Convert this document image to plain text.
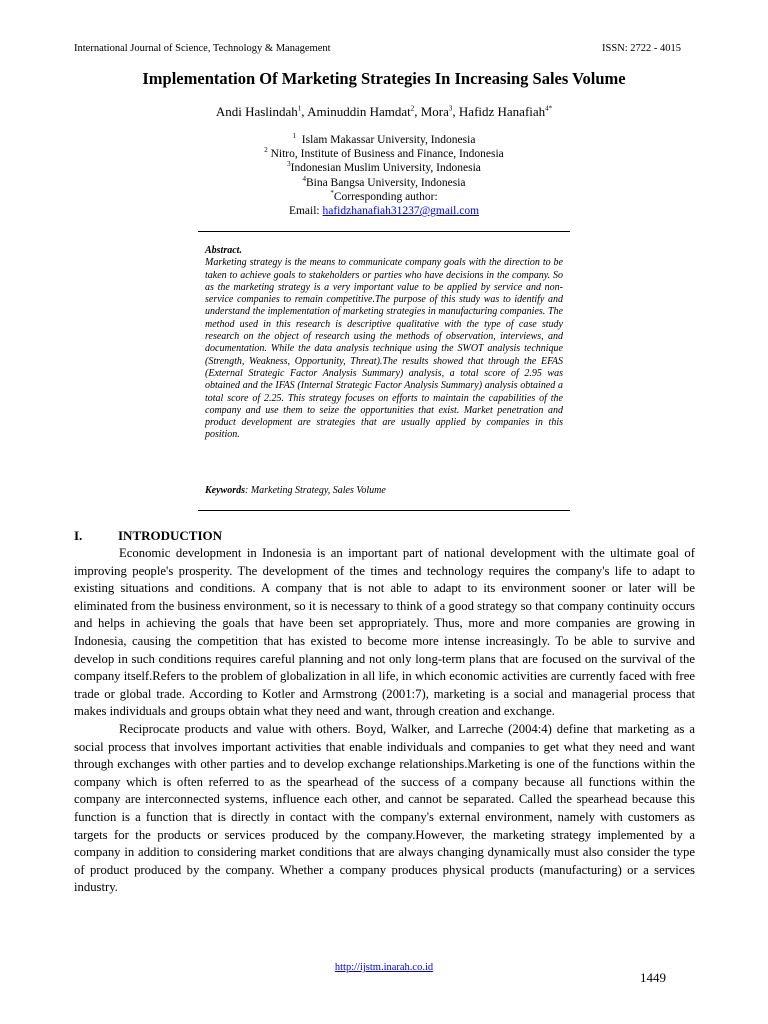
International Journal of Science, Technology & Management	ISSN: 2722 - 4015
Implementation Of Marketing Strategies In Increasing Sales Volume
Andi Haslindah$^1$, Aminuddin Hamdat$^2$, Mora$^3$, Hafidz Hanafiah$^{4*}$
$^1$  Islam Makassar University, Indonesia
$^2$ Nitro, Institute of Business and Finance, Indonesia
$^3$Indonesian Muslim University, Indonesia
$^4$Bina Bangsa University, Indonesia
*Corresponding author:
Email: hafidzhanafiah31237@gmail.com
Abstract.
Marketing strategy is the means to communicate company goals with the direction to be taken to achieve goals to stakeholders or parties who have decisions in the company. So as the marketing strategy is a very important value to be applied by service and non-service companies to remain competitive.The purpose of this study was to identify and understand the implementation of marketing strategies in manufacturing companies. The method used in this research is descriptive qualitative with the type of case study research on the object of research using the methods of observation, interviews, and documentation. While the data analysis technique using the SWOT analysis technique (Strength, Weakness, Opportunity, Threat).The results showed that through the EFAS (External Strategic Factor Analysis Summary) analysis, a total score of 2.95 was obtained and the IFAS (Internal Strategic Factor Analysis Summary) analysis obtained a total score of 2.25. This strategy focuses on efforts to maintain the capabilities of the company and use them to seize the opportunities that exist. Market penetration and product development are strategies that are usually applied by companies in this position.
Keywords: Marketing Strategy, Sales Volume
I.	INTRODUCTION

Economic development in Indonesia is an important part of national development with the ultimate goal of improving people's prosperity. The development of the times and technology requires the company's life to adapt to existing situations and conditions. A company that is not able to adapt to its environment sooner or later will be eliminated from the business environment, so it is necessary to think of a good strategy so that company continuity occurs and helps in achieving the goals that have been set appropriately. Thus, more and more companies are growing in Indonesia, causing the competition that has existed to become more intense increasingly. To be able to survive and develop in such conditions requires careful planning and not only long-term plans that are focused on the survival of the company itself.Refers to the problem of globalization in all life, in which economic activities are currently faced with free trade or global trade. According to Kotler and Armstrong (2001:7), marketing is a social and managerial process that makes individuals and groups obtain what they need and want, through creation and exchange.

Reciprocate products and value with others. Boyd, Walker, and Larreche (2004:4) define that marketing as a social process that involves important activities that enable individuals and companies to get what they need and want through exchanges with other parties and to develop exchange relationships.Marketing is one of the functions within the company which is often referred to as the spearhead of the success of a company because all functions within the company are interconnected systems, influence each other, and cannot be separated. Called the spearhead because this function is a function that is directly in contact with the company's external environment, namely with customers as targets for the products or services produced by the company.However, the marketing strategy implemented by a company in addition to considering market conditions that are always changing dynamically must also consider the type of product produced by the company. Whether a company produces physical products (manufacturing) or a services industry.

http://ijstm.inarah.co.id
1449
